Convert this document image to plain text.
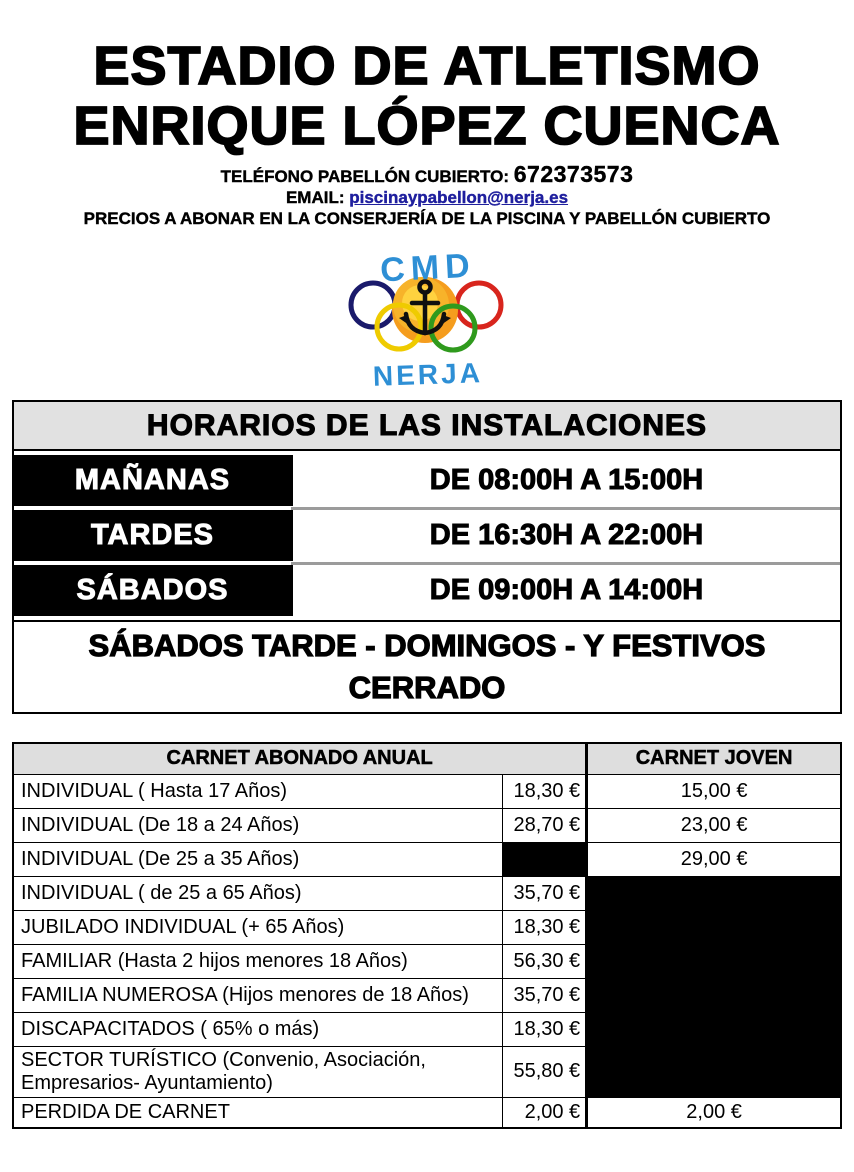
ESTADIO DE ATLETISMO
ENRIQUE LÓPEZ CUENCA
TELÉFONO PABELLÓN CUBIERTO: 672373573
EMAIL: piscinaypabellon@nerja.es
PRECIOS A ABONAR EN LA CONSERJERÍA DE LA PISCINA Y PABELLÓN CUBIERTO
CMD
NERJA
HORARIOS DE LAS INSTALACIONES
MAÑANAS	DE 08:00H A 15:00H
TARDES	DE 16:30H A 22:00H
SÁBADOS	DE 09:00H A 14:00H
SÁBADOS TARDE - DOMINGOS - Y FESTIVOS
CERRADO
CARNET ABONADO ANUAL		CARNET JOVEN
INDIVIDUAL ( Hasta 17 Años)	18,30 €	15,00 €
INDIVIDUAL (De 18 a 24 Años)	28,70 €	23,00 €
INDIVIDUAL (De 25 a 35 Años)		29,00 €
INDIVIDUAL ( de 25 a 65 Años)	35,70 €	
JUBILADO INDIVIDUAL (+ 65 Años)	18,30 €	
FAMILIAR (Hasta 2 hijos menores 18 Años)	56,30 €	
FAMILIA NUMEROSA (Hijos menores de 18 Años)	35,70 €	
DISCAPACITADOS ( 65% o más)	18,30 €	
SECTOR TURÍSTICO (Convenio, Asociación, Empresarios- Ayuntamiento)	55,80 €	
PERDIDA DE CARNET	2,00 €	2,00 €
